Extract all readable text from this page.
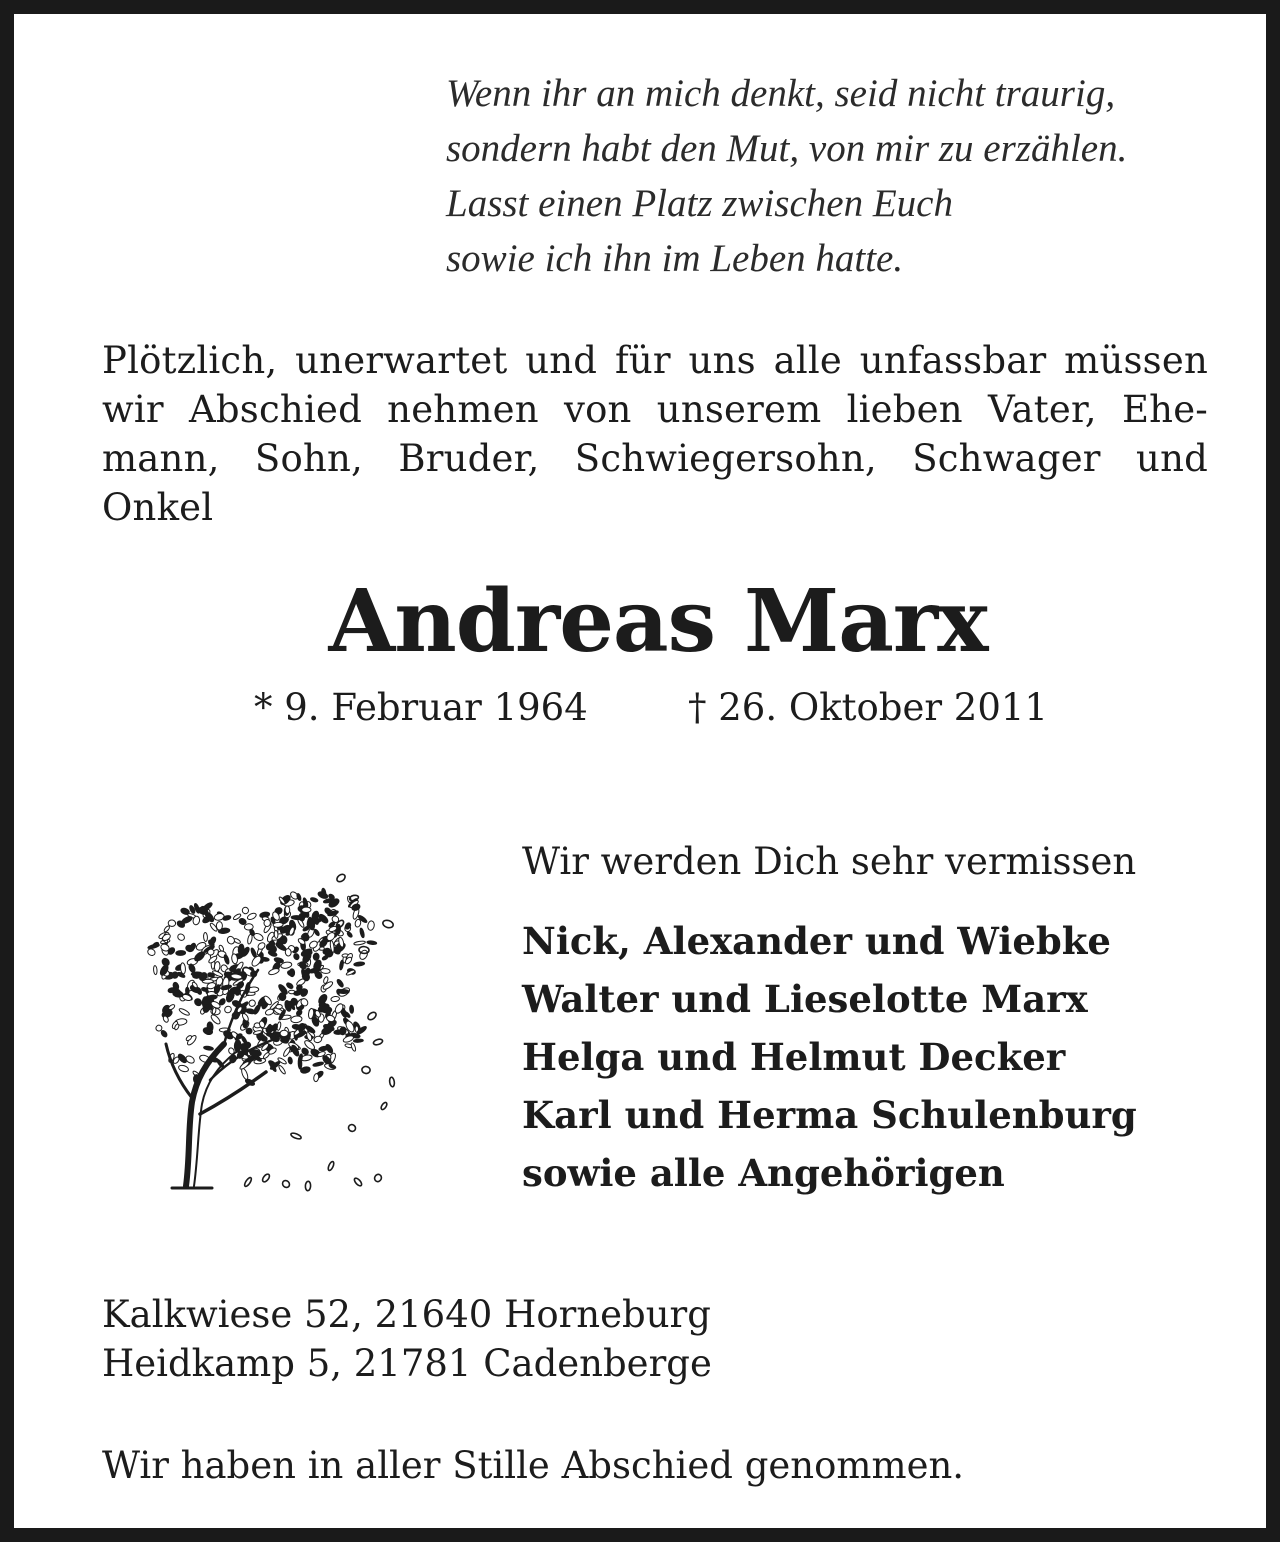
Wenn ihr an mich denkt, seid nicht traurig,
sondern habt den Mut, von mir zu erzählen.
Lasst einen Platz zwischen Euch
sowie ich ihn im Leben hatte.
Plötzlich, unerwartet und für uns alle unfassbar müssen
wir Abschied nehmen von unserem lieben Vater, Ehe-
mann, Sohn, Bruder, Schwiegersohn, Schwager und
Onkel
Andreas Marx
* 9. Februar 1964	† 26. Oktober 2011
Wir werden Dich sehr vermissen
Nick, Alexander und Wiebke
Walter und Lieselotte Marx
Helga und Helmut Decker
Karl und Herma Schulenburg
sowie alle Angehörigen
Kalkwiese 52, 21640 Horneburg
Heidkamp 5, 21781 Cadenberge
Wir haben in aller Stille Abschied genommen.
